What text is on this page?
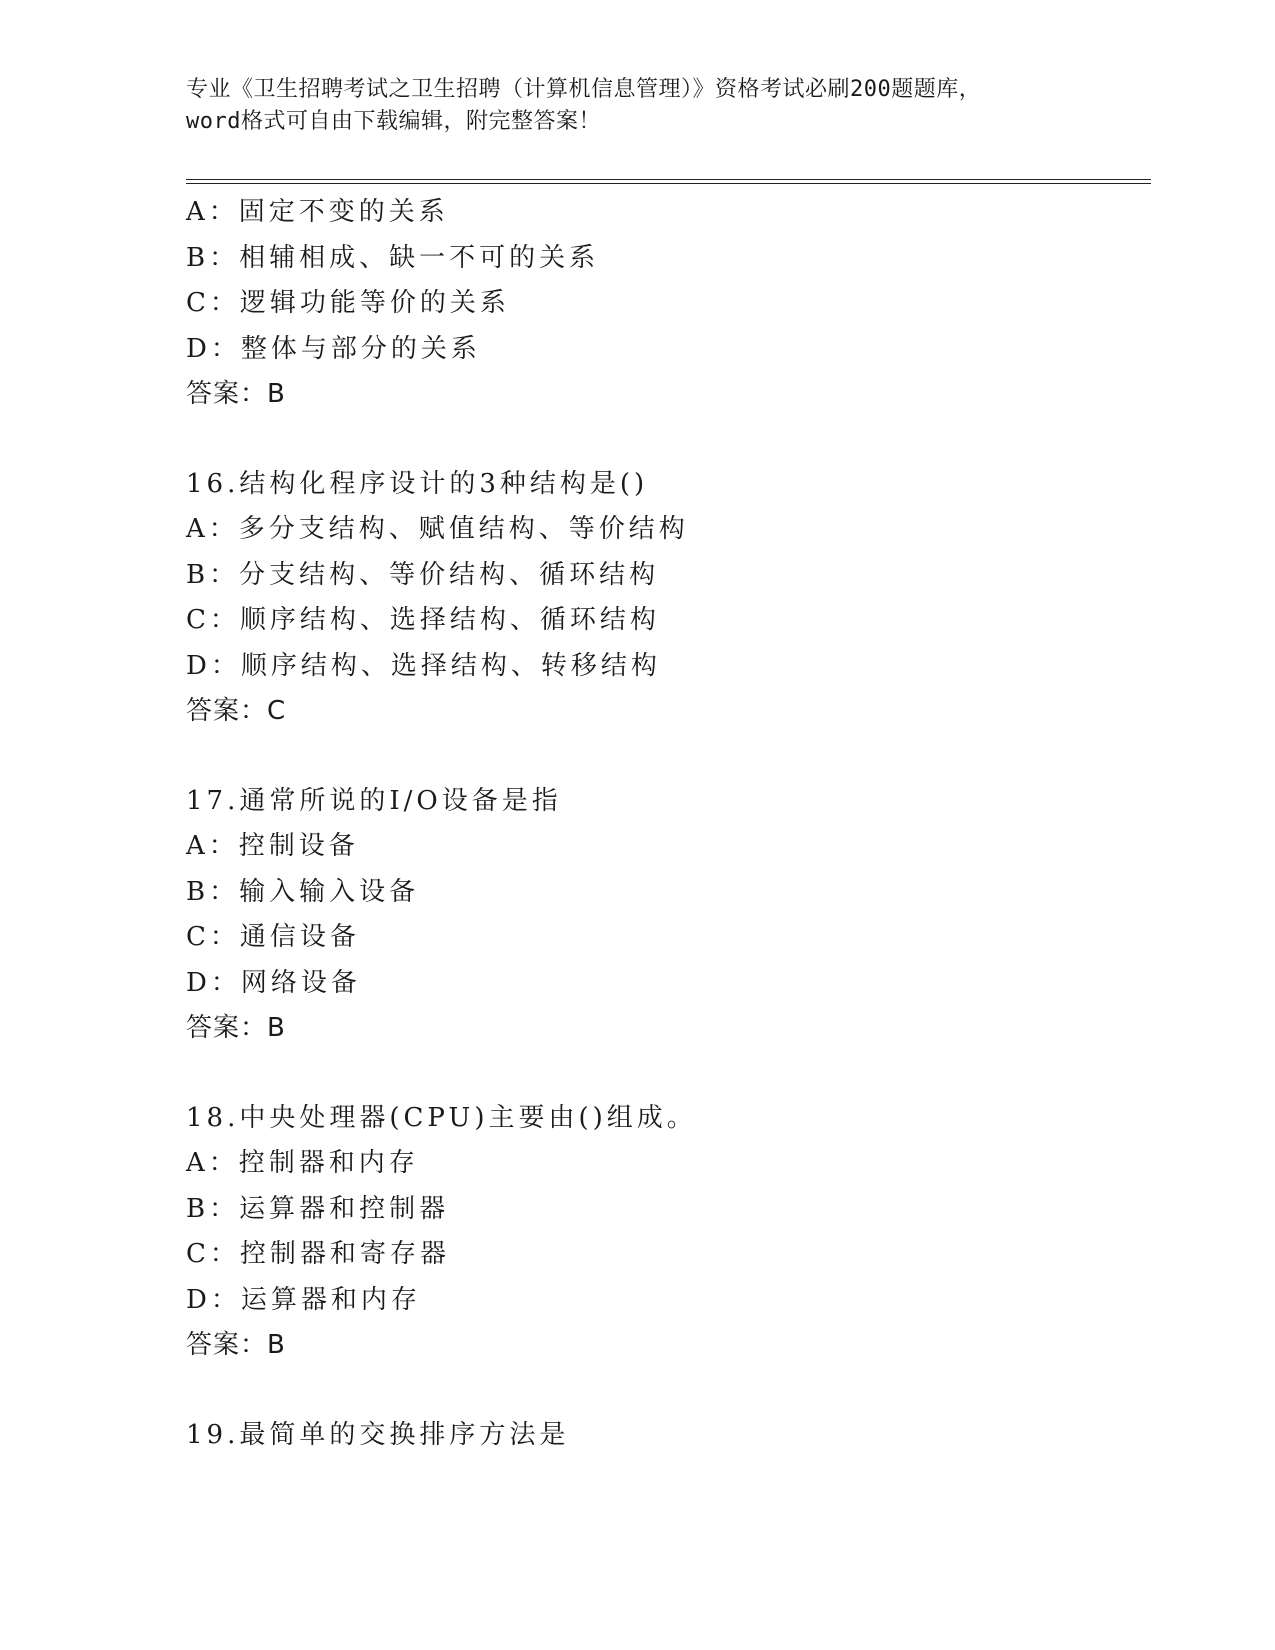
专业《卫生招聘考试之卫生招聘（计算机信息管理）》资格考试必刷200题题库，
word格式可自由下载编辑，附完整答案！
A：固定不变的关系
B：相辅相成、缺一不可的关系
C：逻辑功能等价的关系
D：整体与部分的关系
答案：B
16.结构化程序设计的3种结构是()
A：多分支结构、赋值结构、等价结构
B：分支结构、等价结构、循环结构
C：顺序结构、选择结构、循环结构
D：顺序结构、选择结构、转移结构
答案：C
17.通常所说的I/O设备是指
A：控制设备
B：输入输入设备
C：通信设备
D：网络设备
答案：B
18.中央处理器(CPU)主要由()组成。
A：控制器和内存
B：运算器和控制器
C：控制器和寄存器
D：运算器和内存
答案：B
19.最简单的交换排序方法是
